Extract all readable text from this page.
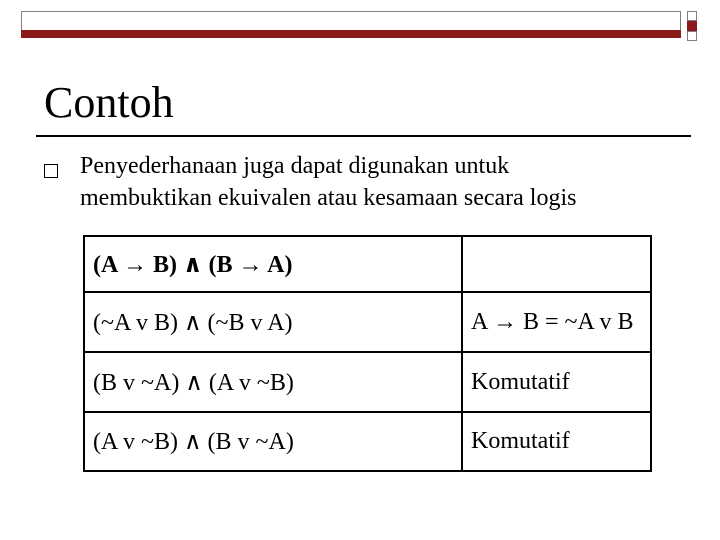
Contoh
Penyederhanaan juga dapat digunakan untuk
membuktikan ekuivalen atau kesamaan secara logis
(A → B) ∧ (B → A)	
(~A v B) ∧ (~B v A)	A → B = ~A v B
(B v ~A) ∧ (A v ~B)	Komutatif
(A v ~B) ∧ (B v ~A)	Komutatif
